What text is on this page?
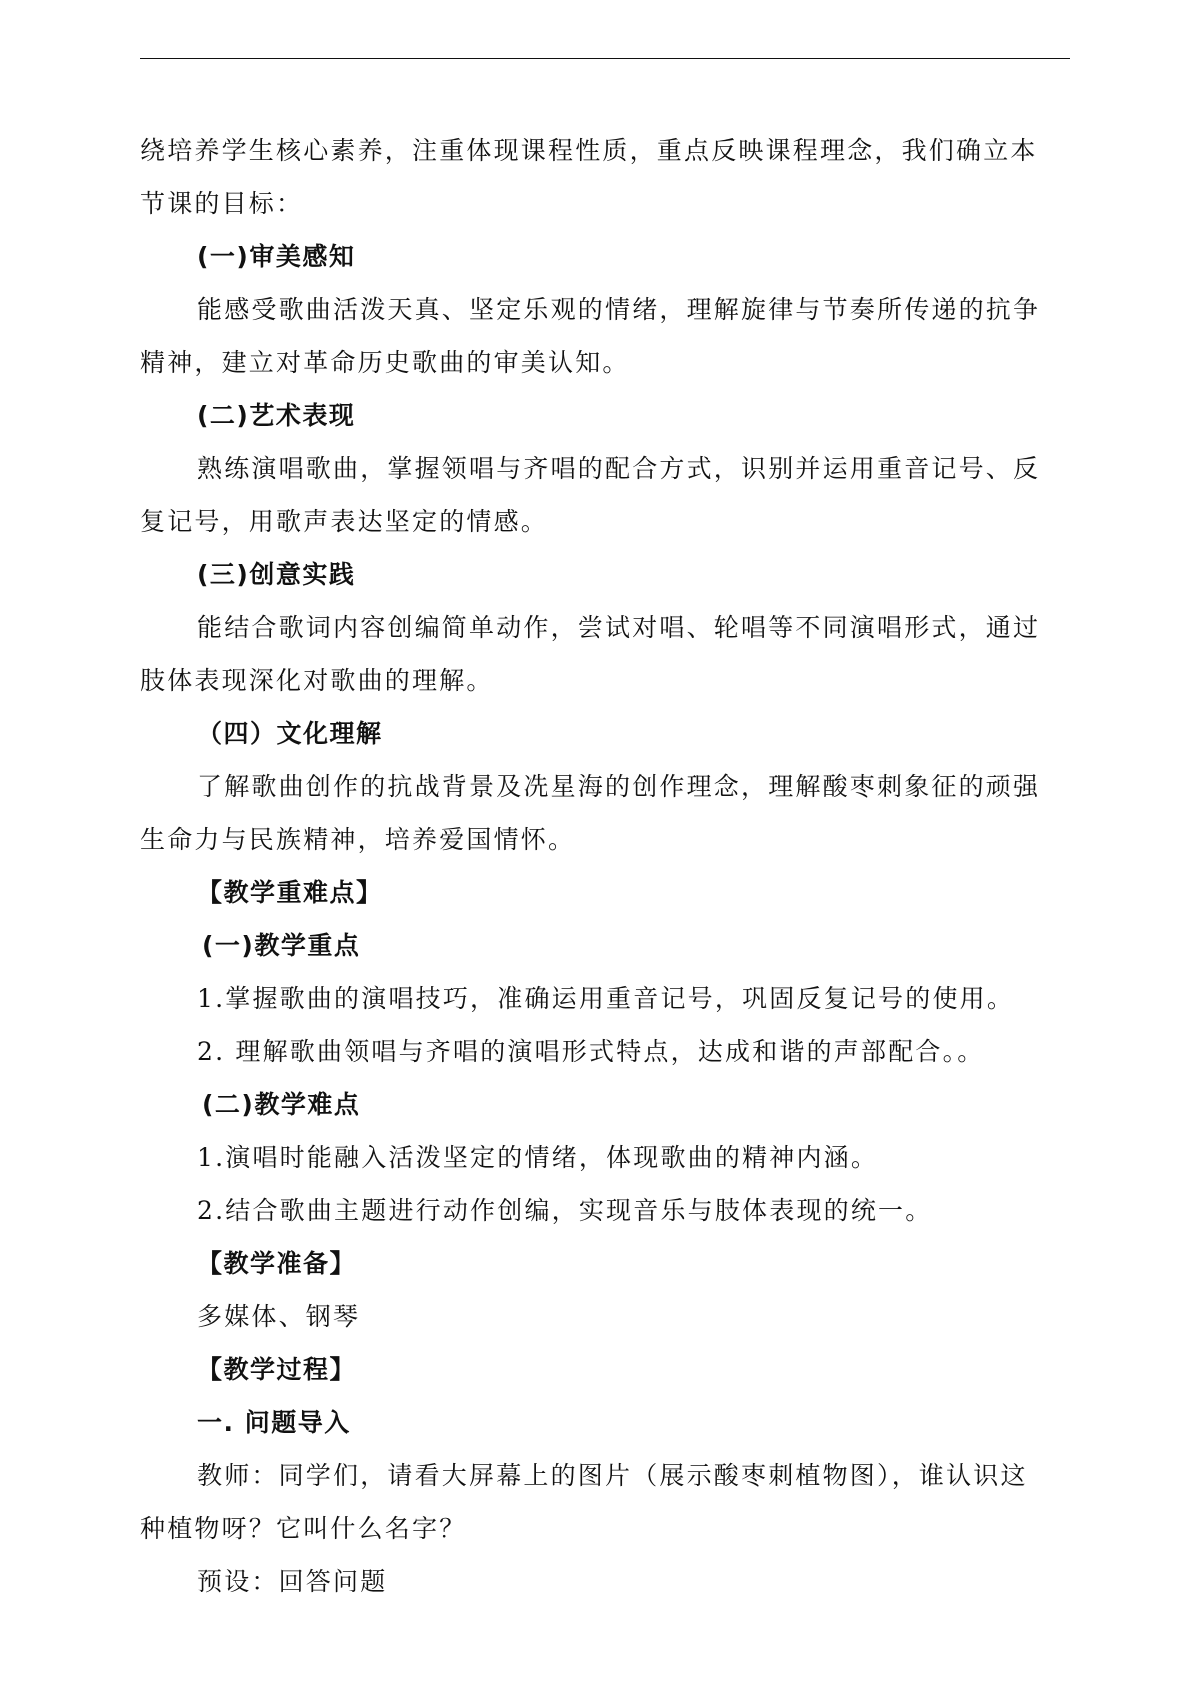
绕培养学生核心素养，注重体现课程性质，重点反映课程理念，我们确立本
节课的目标：
(一)审美感知
能感受歌曲活泼天真、坚定乐观的情绪，理解旋律与节奏所传递的抗争
精神，建立对革命历史歌曲的审美认知。
(二)艺术表现
熟练演唱歌曲，掌握领唱与齐唱的配合方式，识别并运用重音记号、反
复记号，用歌声表达坚定的情感。
(三)创意实践
能结合歌词内容创编简单动作，尝试对唱、轮唱等不同演唱形式，通过
肢体表现深化对歌曲的理解。
（四）文化理解
了解歌曲创作的抗战背景及冼星海的创作理念，理解酸枣刺象征的顽强
生命力与民族精神，培养爱国情怀。
【教学重难点】
(一)教学重点
1.掌握歌曲的演唱技巧，准确运用重音记号，巩固反复记号的使用。
2. 理解歌曲领唱与齐唱的演唱形式特点，达成和谐的声部配合。。
(二)教学难点
1.演唱时能融入活泼坚定的情绪，体现歌曲的精神内涵。
2.结合歌曲主题进行动作创编，实现音乐与肢体表现的统一。
【教学准备】
多媒体、钢琴
【教学过程】
一. 问题导入
教师：同学们，请看大屏幕上的图片（展示酸枣刺植物图），谁认识这
种植物呀？它叫什么名字？
预设：回答问题
